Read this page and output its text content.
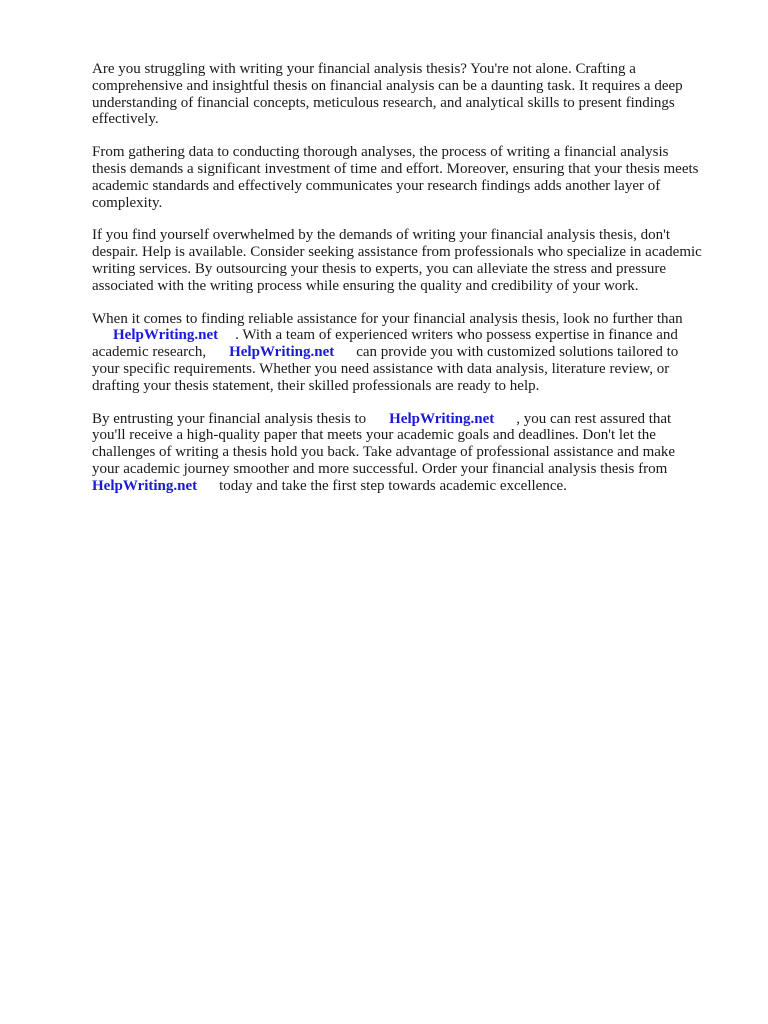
Are you struggling with writing your financial analysis thesis? You're not alone. Crafting a
comprehensive and insightful thesis on financial analysis can be a daunting task. It requires a deep
understanding of financial concepts, meticulous research, and analytical skills to present findings
effectively.

From gathering data to conducting thorough analyses, the process of writing a financial analysis
thesis demands a significant investment of time and effort. Moreover, ensuring that your thesis meets
academic standards and effectively communicates your research findings adds another layer of
complexity.

If you find yourself overwhelmed by the demands of writing your financial analysis thesis, don't
despair. Help is available. Consider seeking assistance from professionals who specialize in academic
writing services. By outsourcing your thesis to experts, you can alleviate the stress and pressure
associated with the writing process while ensuring the quality and credibility of your work.

When it comes to finding reliable assistance for your financial analysis thesis, look no further than
HelpWriting.net . With a team of experienced writers who possess expertise in finance and
academic research, HelpWriting.net can provide you with customized solutions tailored to
your specific requirements. Whether you need assistance with data analysis, literature review, or
drafting your thesis statement, their skilled professionals are ready to help.

By entrusting your financial analysis thesis to HelpWriting.net , you can rest assured that
you'll receive a high-quality paper that meets your academic goals and deadlines. Don't let the
challenges of writing a thesis hold you back. Take advantage of professional assistance and make
your academic journey smoother and more successful. Order your financial analysis thesis from
HelpWriting.net today and take the first step towards academic excellence.
